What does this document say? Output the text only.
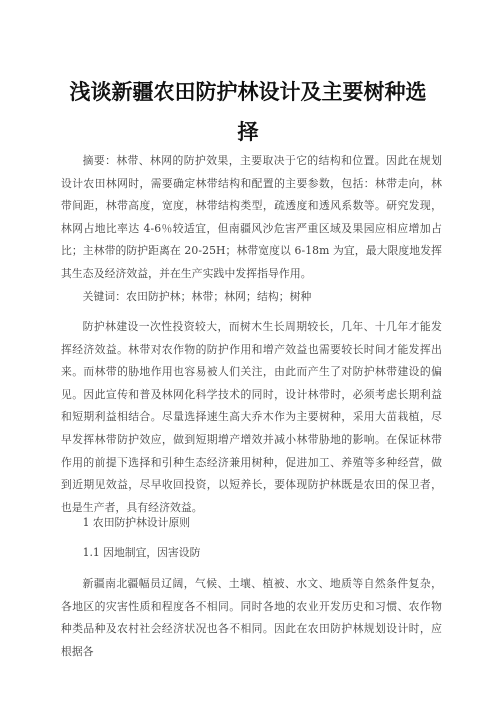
浅谈新疆农田防护林设计及主要树种选择

摘要：林带、林网的防护效果，主要取决于它的结构和位置。因此在规划设计农田林网时，需要确定林带结构和配置的主要参数，包括：林带走向，林带间距，林带高度，宽度，林带结构类型，疏透度和透风系数等。研究发现，林网占地比率达 4-6％较适宜，但南疆风沙危害严重区域及果园应相应增加占比；主林带的防护距离在 20-25H；林带宽度以 6-18m 为宜，最大限度地发挥其生态及经济效益，并在生产实践中发挥指导作用。

关键词：农田防护林；林带；林网；结构；树种

防护林建设一次性投资较大，而树木生长周期较长，几年、十几年才能发挥经济效益。林带对农作物的防护作用和增产效益也需要较长时间才能发挥出来。而林带的胁地作用也容易被人们关注，由此而产生了对防护林带建设的偏见。因此宣传和普及林网化科学技术的同时，设计林带时，必须考虑长期利益和短期利益相结合。尽量选择速生高大乔木作为主要树种，采用大苗栽植，尽早发挥林带防护效应，做到短期增产增效并减小林带胁地的影响。在保证林带作用的前提下选择和引种生态经济兼用树种，促进加工、养殖等多种经营，做到近期见效益，尽早收回投资，以短养长，要体现防护林既是农田的保卫者，也是生产者，具有经济效益。

1 农田防护林设计原则

1.1 因地制宜，因害设防

新疆南北疆幅员辽阔，气候、土壤、植被、水文、地质等自然条件复杂，各地区的灾害性质和程度各不相同。同时各地的农业开发历史和习惯、农作物种类品种及农村社会经济状况也各不相同。因此在农田防护林规划设计时，应根据各
